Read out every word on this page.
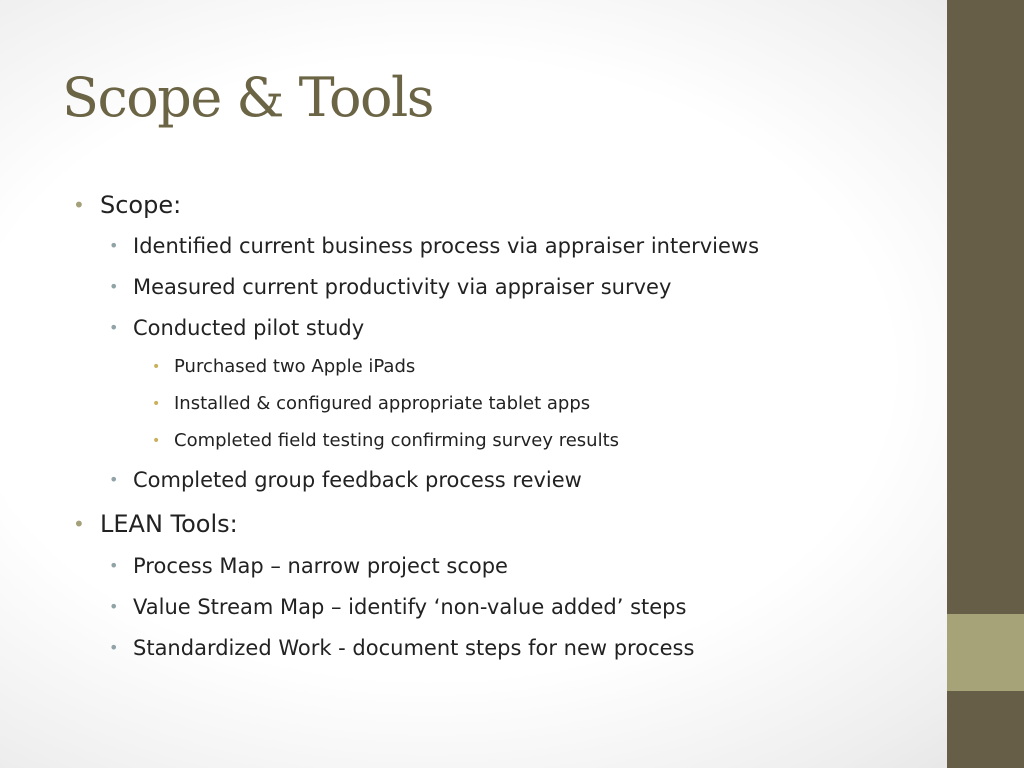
Scope & Tools
• Scope:
• Identified current business process via appraiser interviews
• Measured current productivity via appraiser survey
• Conducted pilot study
• Purchased two Apple iPads
• Installed & configured appropriate tablet apps
• Completed field testing confirming survey results
• Completed group feedback process review
• LEAN Tools:
• Process Map – narrow project scope
• Value Stream Map – identify ‘non-value added’ steps
• Standardized Work - document steps for new process
